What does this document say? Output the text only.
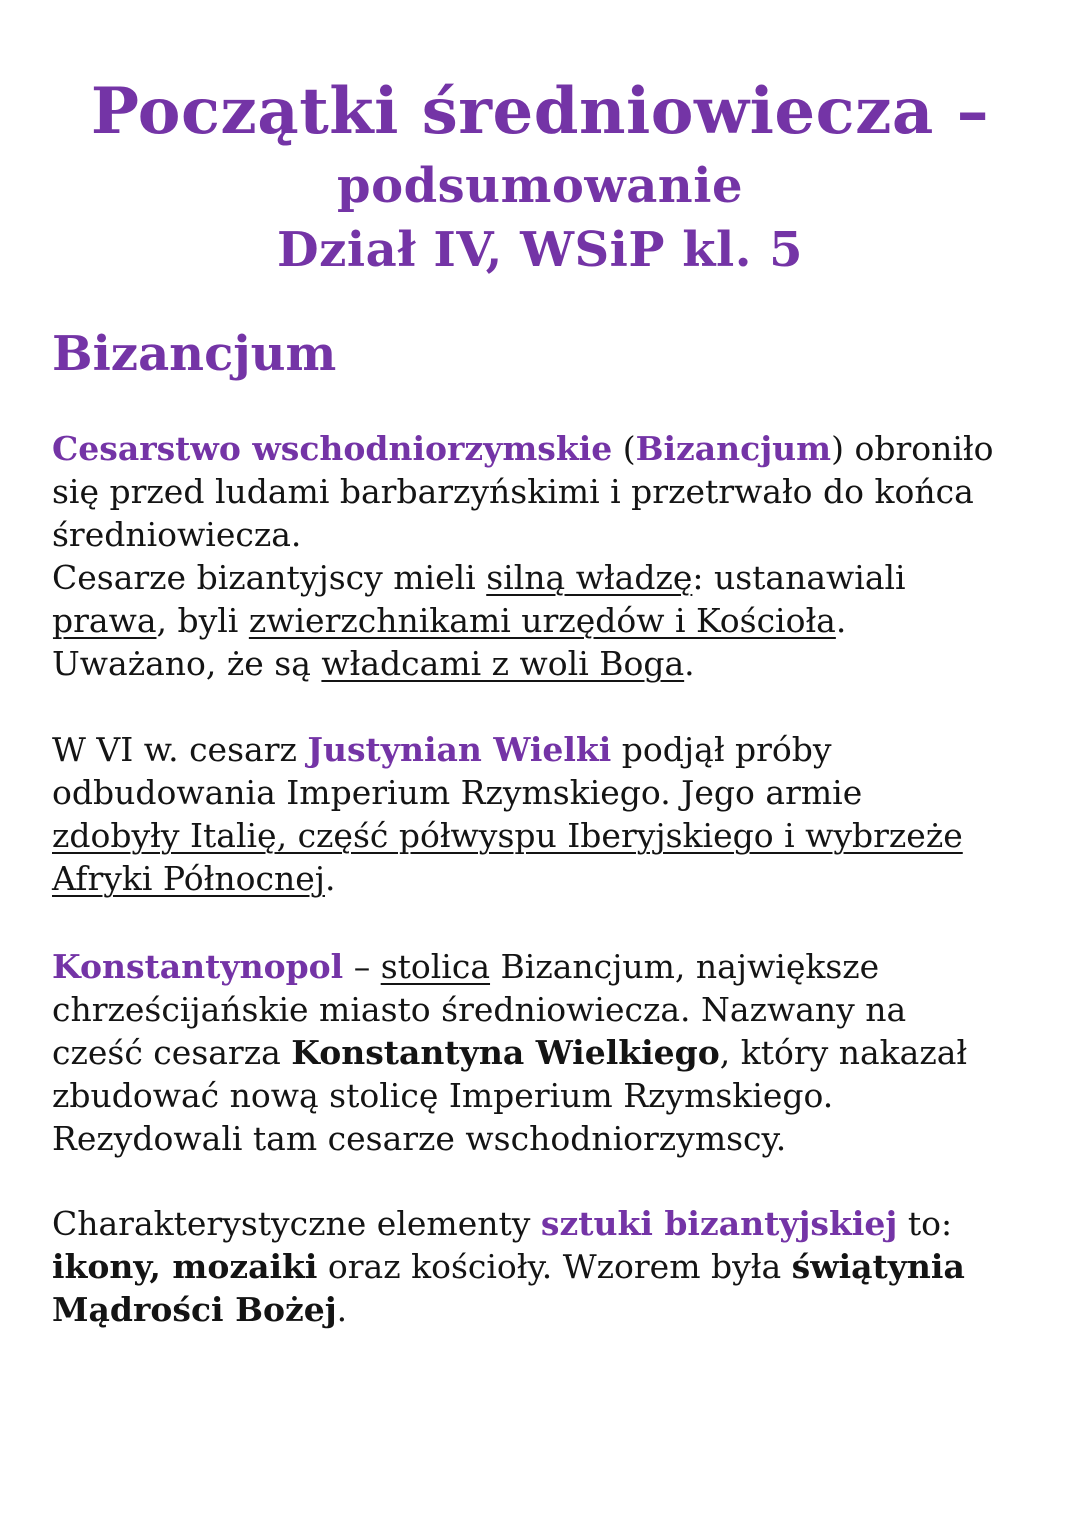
Początki średniowiecza –
podsumowanie
Dział IV, WSiP kl. 5
Bizancjum

Cesarstwo wschodniorzymskie (Bizancjum) obroniło
się przed ludami barbarzyńskimi i przetrwało do końca
średniowiecza.
Cesarze bizantyjscy mieli silną władzę: ustanawiali
prawa, byli zwierzchnikami urzędów i Kościoła.
Uważano, że są władcami z woli Boga.

W VI w. cesarz Justynian Wielki podjął próby
odbudowania Imperium Rzymskiego. Jego armie
zdobyły Italię, część półwyspu Iberyjskiego i wybrzeże
Afryki Północnej.

Konstantynopol – stolica Bizancjum, największe
chrześcijańskie miasto średniowiecza. Nazwany na
cześć cesarza Konstantyna Wielkiego, który nakazał
zbudować nową stolicę Imperium Rzymskiego.
Rezydowali tam cesarze wschodniorzymscy.

Charakterystyczne elementy sztuki bizantyjskiej to:
ikony, mozaiki oraz kościoły. Wzorem była świątynia
Mądrości Bożej.
